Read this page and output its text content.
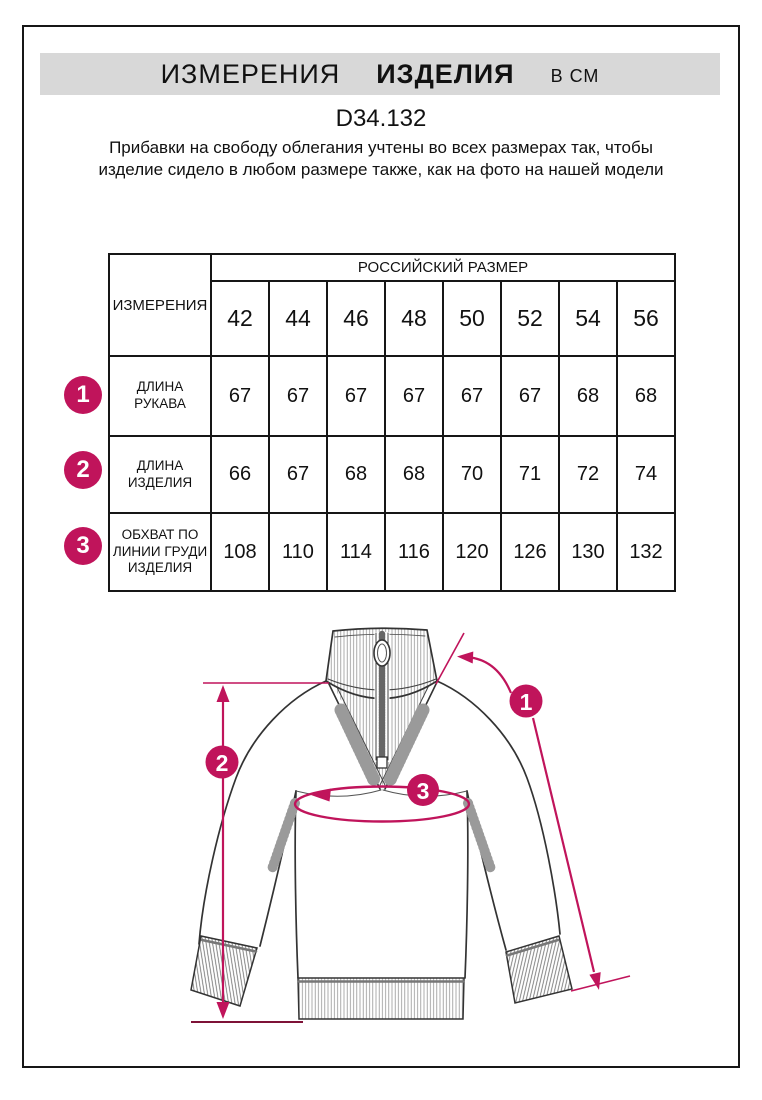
ИЗМЕРЕНИЯ ИЗДЕЛИЯ В СМ
D34.132
Прибавки на свободу облегания учтены во всех размерах так, чтобы изделие сидело в любом размере также, как на фото на нашей модели
ИЗМЕРЕНИЯ	РОССИЙСКИЙ РАЗМЕР							
	42	44	46	48	50	52	54	56
ДЛИНА РУКАВА	67	67	67	67	67	67	68	68
ДЛИНА ИЗДЕЛИЯ	66	67	68	68	70	71	72	74
ОБХВАТ ПО ЛИНИИ ГРУДИ ИЗДЕЛИЯ	108	110	114	116	120	126	130	132
1
2
3
2
1
3
